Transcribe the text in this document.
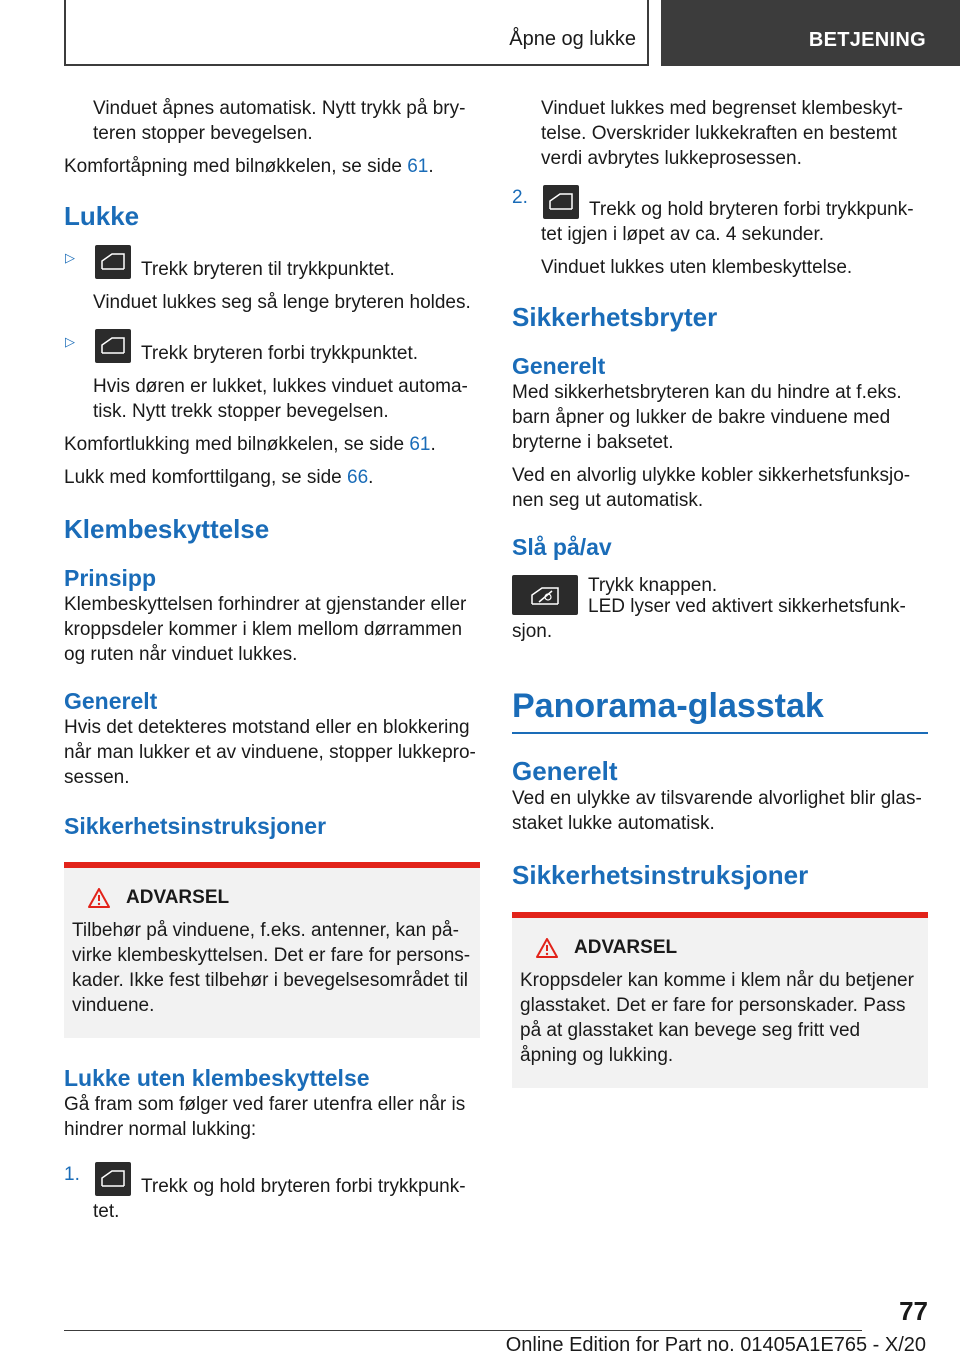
Åpne og lukke	BETJENING

Vinduet åpnes automatisk. Nytt trykk på bry-teren stopper bevegelsen.

Komfortåpning med bilnøkkelen, se side 61.

Lukke
▷

Trekk bryteren til trykkpunktet.

Vinduet lukkes seg så lenge bryteren holdes.

▷

Trekk bryteren forbi trykkpunktet.

Hvis døren er lukket, lukkes vinduet automa-tisk. Nytt trekk stopper bevegelsen.

Komfortlukking med bilnøkkelen, se side 61.

Lukk med komforttilgang, se side 66.

Klembeskyttelse
Prinsipp

Klembeskyttelsen forhindrer at gjenstander eller kroppsdeler kommer i klem mellom dørrammen og ruten når vinduet lukkes.

Generelt

Hvis det detekteres motstand eller en blokkering når man lukker et av vinduene, stopper lukkepro-sessen.

Sikkerhetsinstruksjoner
ADVARSEL

Tilbehør på vinduene, f.eks. antenner, kan på-virke klembeskyttelsen. Det er fare for persons-kader. Ikke fest tilbehør i bevegelsesområdet til vinduene.

Lukke uten klembeskyttelse

Gå fram som følger ved farer utenfra eller når is hindrer normal lukking:

1.

Trekk og hold bryteren forbi trykkpunk-tet.

Vinduet lukkes med begrenset klembeskyt-telse. Overskrider lukkekraften en bestemt verdi avbrytes lukkeprosessen.

2.

Trekk og hold bryteren forbi trykkpunk-tet igjen i løpet av ca. 4 sekunder.

Vinduet lukkes uten klembeskyttelse.

Sikkerhetsbryter
Generelt

Med sikkerhetsbryteren kan du hindre at f.eks. barn åpner og lukker de bakre vinduene med bryterne i baksetet.

Ved en alvorlig ulykke kobler sikkerhetsfunksjo-nen seg ut automatisk.

Slå på/av

Trykk knappen.

LED lyser ved aktivert sikkerhetsfunk-sjon.

Panorama-glasstak
Generelt

Ved en ulykke av tilsvarende alvorlighet blir glas-staket lukke automatisk.

Sikkerhetsinstruksjoner
ADVARSEL

Kroppsdeler kan komme i klem når du betjener glasstaket. Det er fare for personskader. Pass på at glasstaket kan bevege seg fritt ved åpning og lukking.

77
Online Edition for Part no. 01405A1E765 - X/20
